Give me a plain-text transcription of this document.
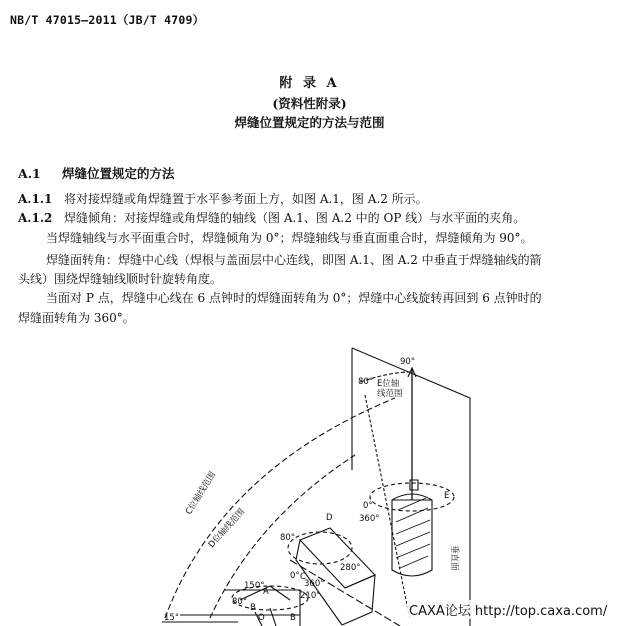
NB/T 47015—2011（JB/T 4709）
附 录 A
(资料性附录)
焊缝位置规定的方法与范围
A.1 焊缝位置规定的方法
A.1.1 将对接焊缝或角焊缝置于水平参考面上方，如图 A.1，图 A.2 所示。
A.1.2 焊缝倾角：对接焊缝或角焊缝的轴线（图 A.1、图 A.2 中的 OP 线）与水平面的夹角。
当焊缝轴线与水平面重合时，焊缝倾角为 0°；焊缝轴线与垂直面重合时，焊缝倾角为 90°。
焊缝面转角：焊缝中心线（焊根与盖面层中心连线，即图 A.1、图 A.2 中垂直于焊缝轴线的箭
头线）围绕焊缝轴线顺时针旋转角度。
当面对 P 点，焊缝中心线在 6 点钟时的焊缝面转角为 0°；焊缝中心线旋转再回到 6 点钟时的
焊缝面转角为 360°。
90°
80° E位轴
线范围
E
0°
360°
垂直面
C位轴线范围
D位轴线范围	D
80°
280°
0° C
360°
150°
A	210°
80°
B
15°	O	B	CAXA论坛 http://top.caxa.com/
